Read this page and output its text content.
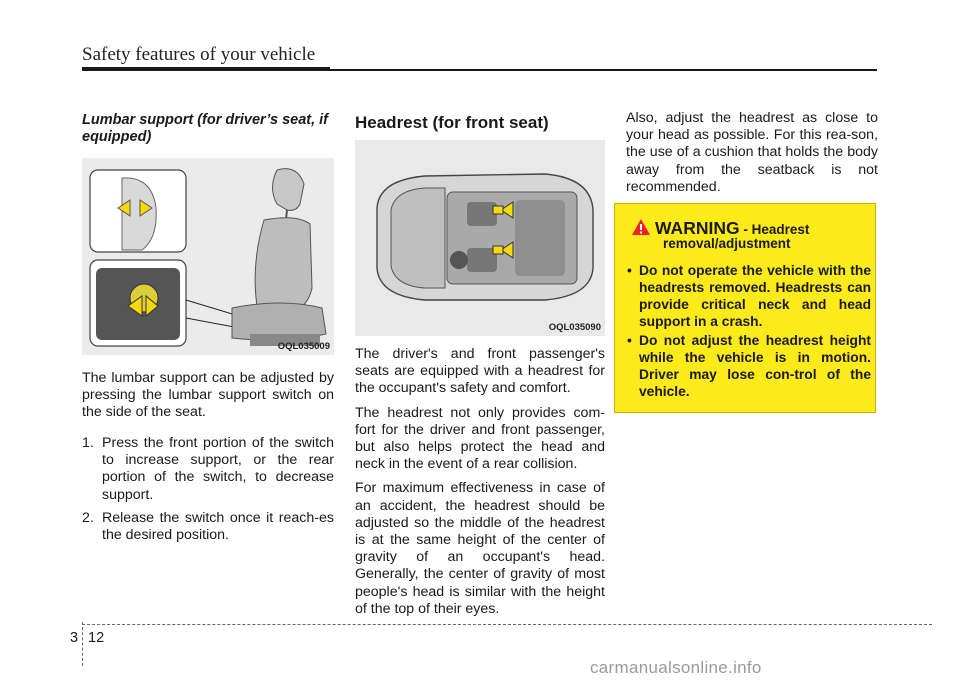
Safety features of your vehicle
Lumbar support (for driver’s seat, if equipped)
OQL035009

The lumbar support can be adjusted by pressing the lumbar support switch on the side of the seat.

1. Press the front portion of the switch to increase support, or the rear portion of the switch, to decrease support.
2. Release the switch once it reach-es the desired position.
Headrest (for front seat)
OQL035090

The driver's and front passenger's seats are equipped with a headrest for the occupant's safety and comfort.

The headrest not only provides com-fort for the driver and front passenger, but also helps protect the head and neck in the event of a rear collision.

For maximum effectiveness in case of an accident, the headrest should be adjusted so the middle of the headrest is at the same height of the center of gravity of an occupant's head. Generally, the center of gravity of most people's head is similar with the height of the top of their eyes.

Also, adjust the headrest as close to your head as possible. For this rea-son, the use of a cushion that holds the body away from the seatback is not recommended.

WARNING - Headrest
removal/adjustment
• Do not operate the vehicle with the headrests removed. Headrests can provide critical neck and head support in a crash.
• Do not adjust the headrest height while the vehicle is in motion. Driver may lose con-trol of the vehicle.
3 12
carmanualsonline.info
